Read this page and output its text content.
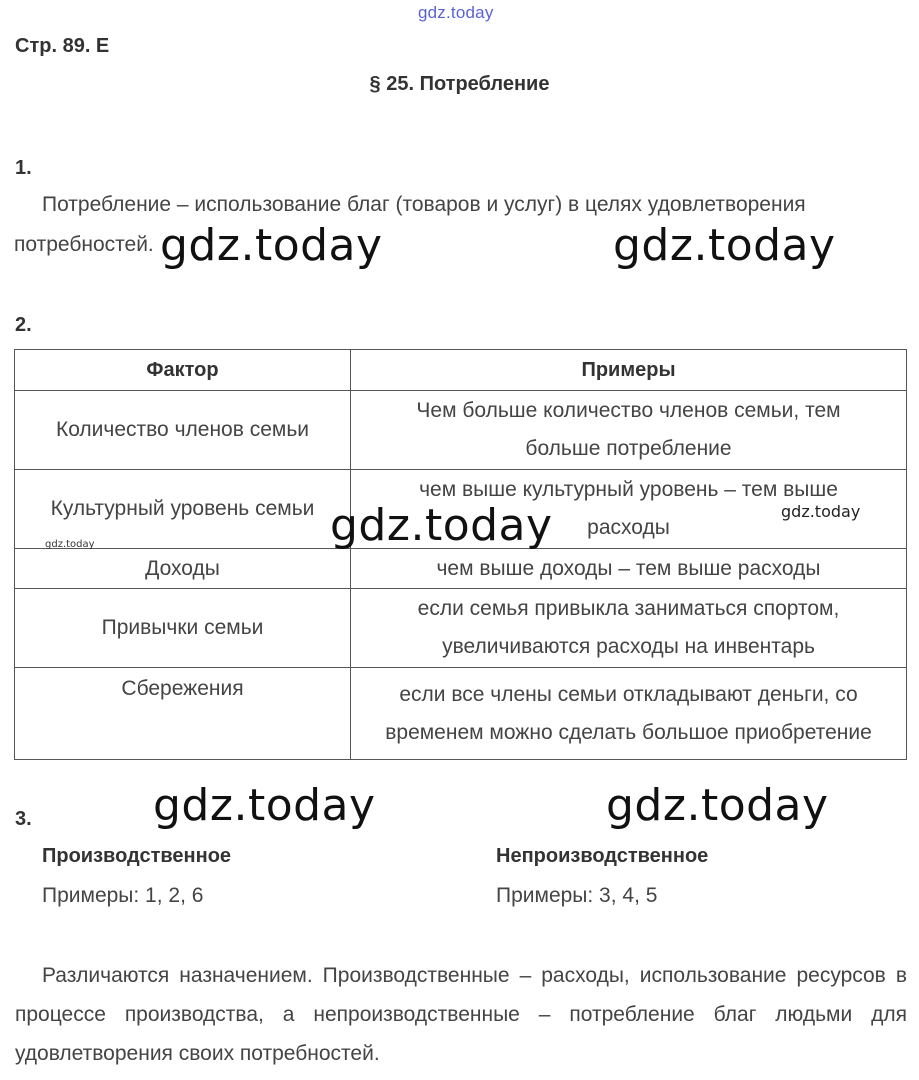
gdz.today
Стр. 89. Е
§ 25. Потребление
1.
Потребление – использование благ (товаров и услуг) в целях удовлетворения
потребностей. gdz.today	gdz.today
2.
Фактор	Примеры
Количество членов семьи	Чем больше количество членов семьи, тем
больше потребление

Культурный уровень семьи	чем выше культурный уровень – тем выше
расходы

Доходы	чем выше доходы – тем выше расходы
Привычки семьи	если семья привыкла заниматься спортом,
увеличиваются расходы на инвентарь

Сбережения	если все члены семьи откладывают деньги, со
временем можно сделать большое приобретение
gdz.today	gdz.today
gdz.today
gdz.today	gdz.today
3.
Производственное
Примеры: 1, 2, 6
Непроизводственное
Примеры: 3, 4, 5
Различаются назначением. Производственные – расходы, использование ресурсов в процессе производства, а непроизводственные – потребление благ людьми для удовлетворения своих потребностей.
